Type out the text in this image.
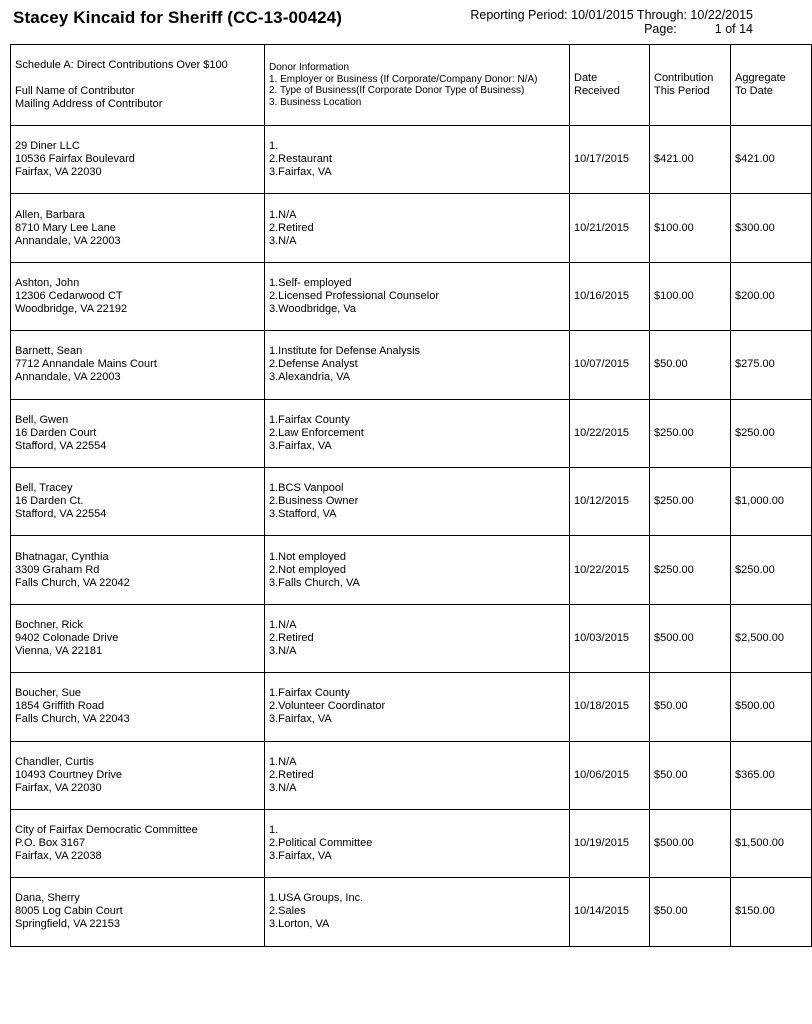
Stacey Kincaid for Sheriff (CC-13-00424)	Reporting Period: 10/01/2015 Through: 10/22/2015
Page:	1 of 14
Schedule A: Direct Contributions Over $100

Full Name of Contributor
Mailing Address of Contributor	Donor Information
1. Employer or Business (If Corporate/Company Donor: N/A)
2. Type of Business(If Corporate Donor Type of Business)
3. Business Location	Date
Received	Contribution
This Period	Aggregate
To Date

29 Diner LLC
10536 Fairfax Boulevard
Fairfax, VA 22030	1.
2.Restaurant
3.Fairfax, VA	10/17/2015	$421.00	$421.00

Allen, Barbara
8710 Mary Lee Lane
Annandale, VA 22003	1.N/A
2.Retired
3.N/A	10/21/2015	$100.00	$300.00

Ashton, John
12306 Cedarwood CT
Woodbridge, VA 22192	1.Self- employed
2.Licensed Professional Counselor
3.Woodbridge, Va	10/16/2015	$100.00	$200.00

Barnett, Sean
7712 Annandale Mains Court
Annandale, VA 22003	1.Institute for Defense Analysis
2.Defense Analyst
3.Alexandria, VA	10/07/2015	$50.00	$275.00

Bell, Gwen
16 Darden Court
Stafford, VA 22554	1.Fairfax County
2.Law Enforcement
3.Fairfax, VA	10/22/2015	$250.00	$250.00

Bell, Tracey
16 Darden Ct.
Stafford, VA 22554	1.BCS Vanpool
2.Business Owner
3.Stafford, VA	10/12/2015	$250.00	$1,000.00

Bhatnagar, Cynthia
3309 Graham Rd
Falls Church, VA 22042	1.Not employed
2.Not employed
3.Falls Church, VA	10/22/2015	$250.00	$250.00

Bochner, Rick
9402 Colonade Drive
Vienna, VA 22181	1.N/A
2.Retired
3.N/A	10/03/2015	$500.00	$2,500.00

Boucher, Sue
1854 Griffith Road
Falls Church, VA 22043	1.Fairfax County
2.Volunteer Coordinator
3.Fairfax, VA	10/18/2015	$50.00	$500.00

Chandler, Curtis
10493 Courtney Drive
Fairfax, VA 22030	1.N/A
2.Retired
3.N/A	10/06/2015	$50.00	$365.00

City of Fairfax Democratic Committee
P.O. Box 3167
Fairfax, VA 22038	1.
2.Political Committee
3.Fairfax, VA	10/19/2015	$500.00	$1,500.00

Dana, Sherry
8005 Log Cabin Court
Springfield, VA 22153	1.USA Groups, Inc.
2.Sales
3.Lorton, VA	10/14/2015	$50.00	$150.00
